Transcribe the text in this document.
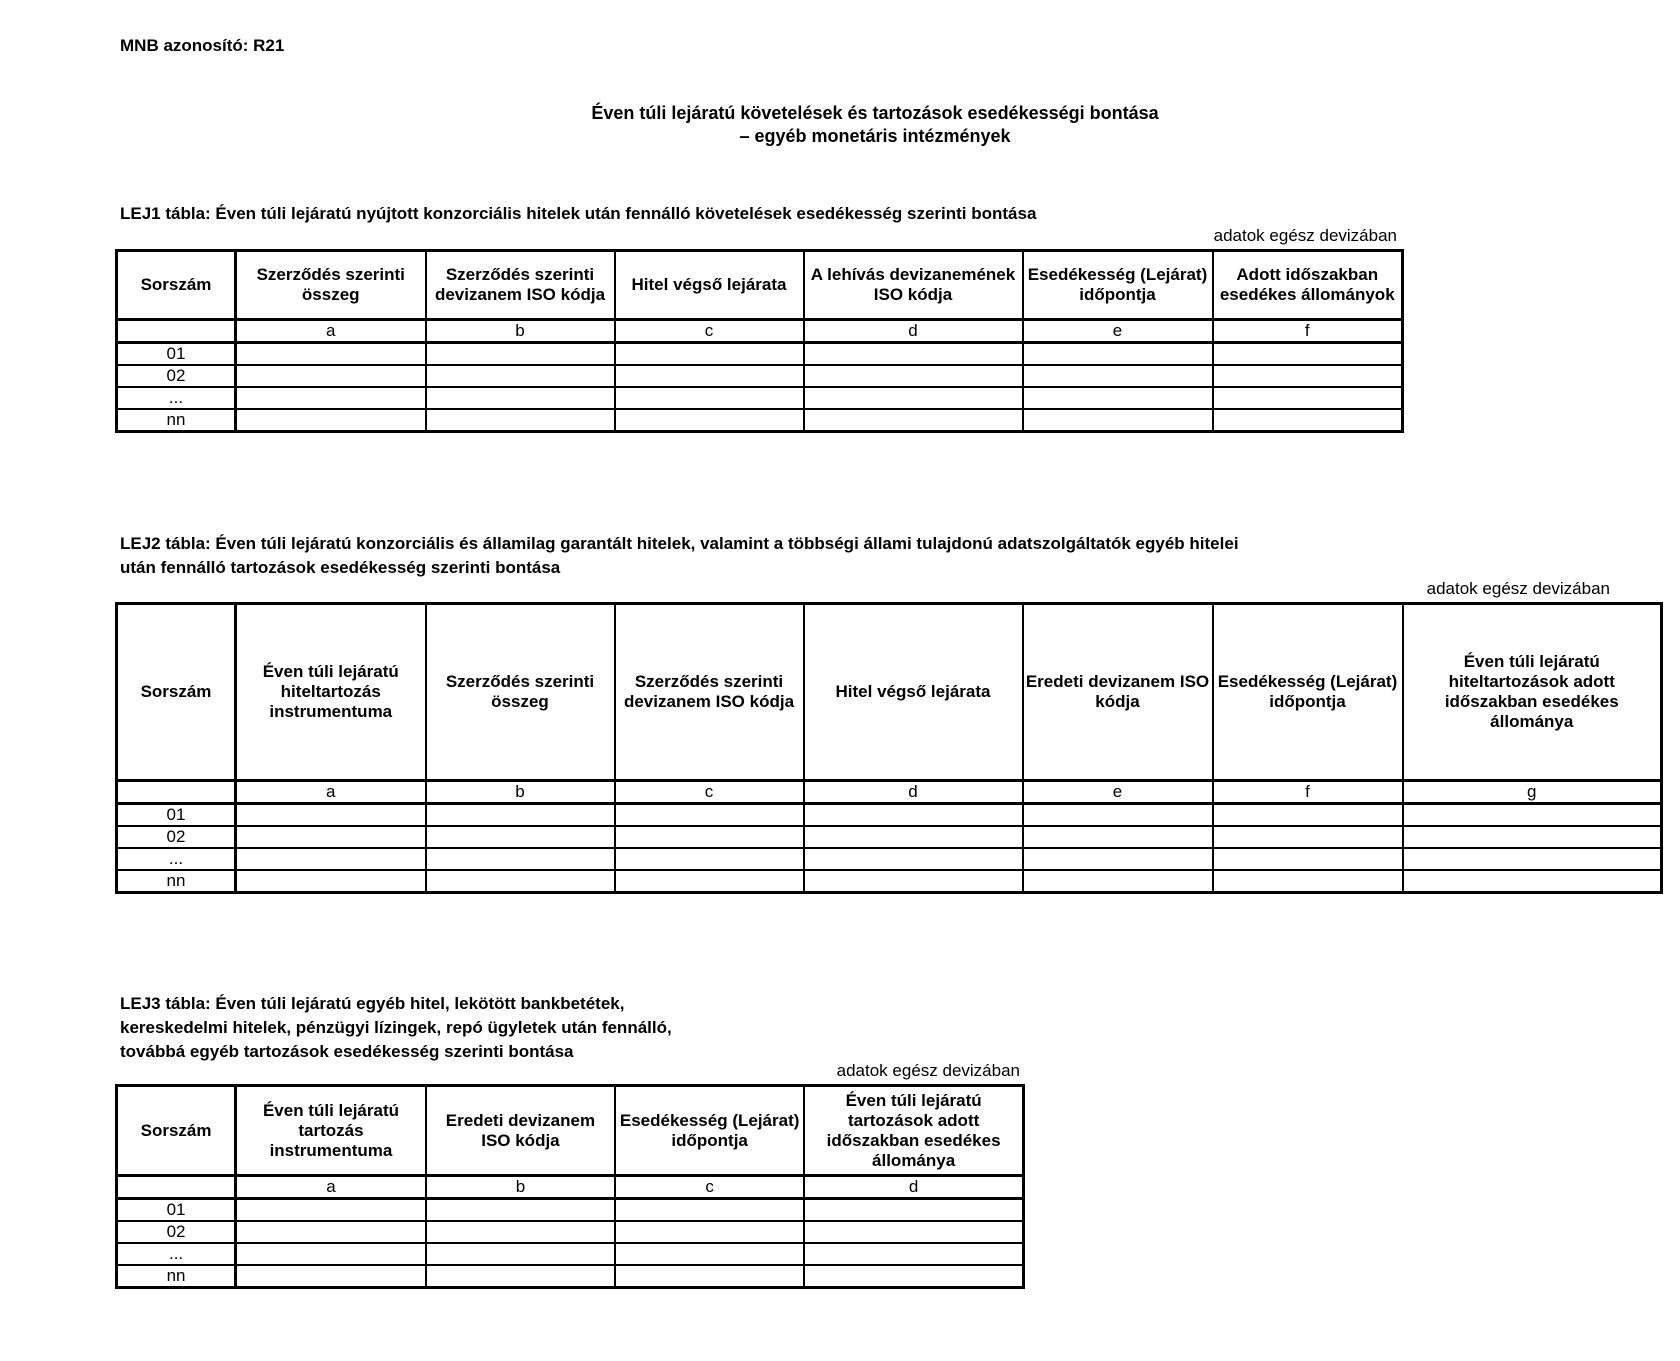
MNB azonosító: R21
Éven túli lejáratú követelések és tartozások esedékességi bontása
– egyéb monetáris intézmények
LEJ1 tábla: Éven túli lejáratú nyújtott konzorciális hitelek után fennálló követelések esedékesség szerinti bontása
adatok egész devizában
Sorszám	Szerződés szerinti összeg	Szerződés szerinti devizanem ISO kódja	Hitel végső lejárata	A lehívás devizanemének ISO kódja	Esedékesség (Lejárat) időpontja	Adott időszakban esedékes állományok
	a	b	c	d	e	f
01						
02						
...						
nn						
LEJ2 tábla: Éven túli lejáratú konzorciális és államilag garantált hitelek, valamint a többségi állami tulajdonú adatszolgáltatók egyéb hitelei
után fennálló tartozások esedékesség szerinti bontása
adatok egész devizában
Sorszám	Éven túli lejáratú hiteltartozás instrumentuma	Szerződés szerinti összeg	Szerződés szerinti devizanem ISO kódja	Hitel végső lejárata	Eredeti devizanem ISO kódja	Esedékesség (Lejárat) időpontja	Éven túli lejáratú hiteltartozások adott időszakban esedékes állománya
	a	b	c	d	e	f	g
01							
02							
...							
nn							
LEJ3 tábla: Éven túli lejáratú egyéb hitel, lekötött bankbetétek,
kereskedelmi hitelek, pénzügyi lízingek, repó ügyletek után fennálló,
továbbá egyéb tartozások esedékesség szerinti bontása
adatok egész devizában
Sorszám	Éven túli lejáratú tartozás instrumentuma	Eredeti devizanem ISO kódja	Esedékesség (Lejárat) időpontja	Éven túli lejáratú tartozások adott időszakban esedékes állománya
	a	b	c	d
01				
02				
...				
nn				
